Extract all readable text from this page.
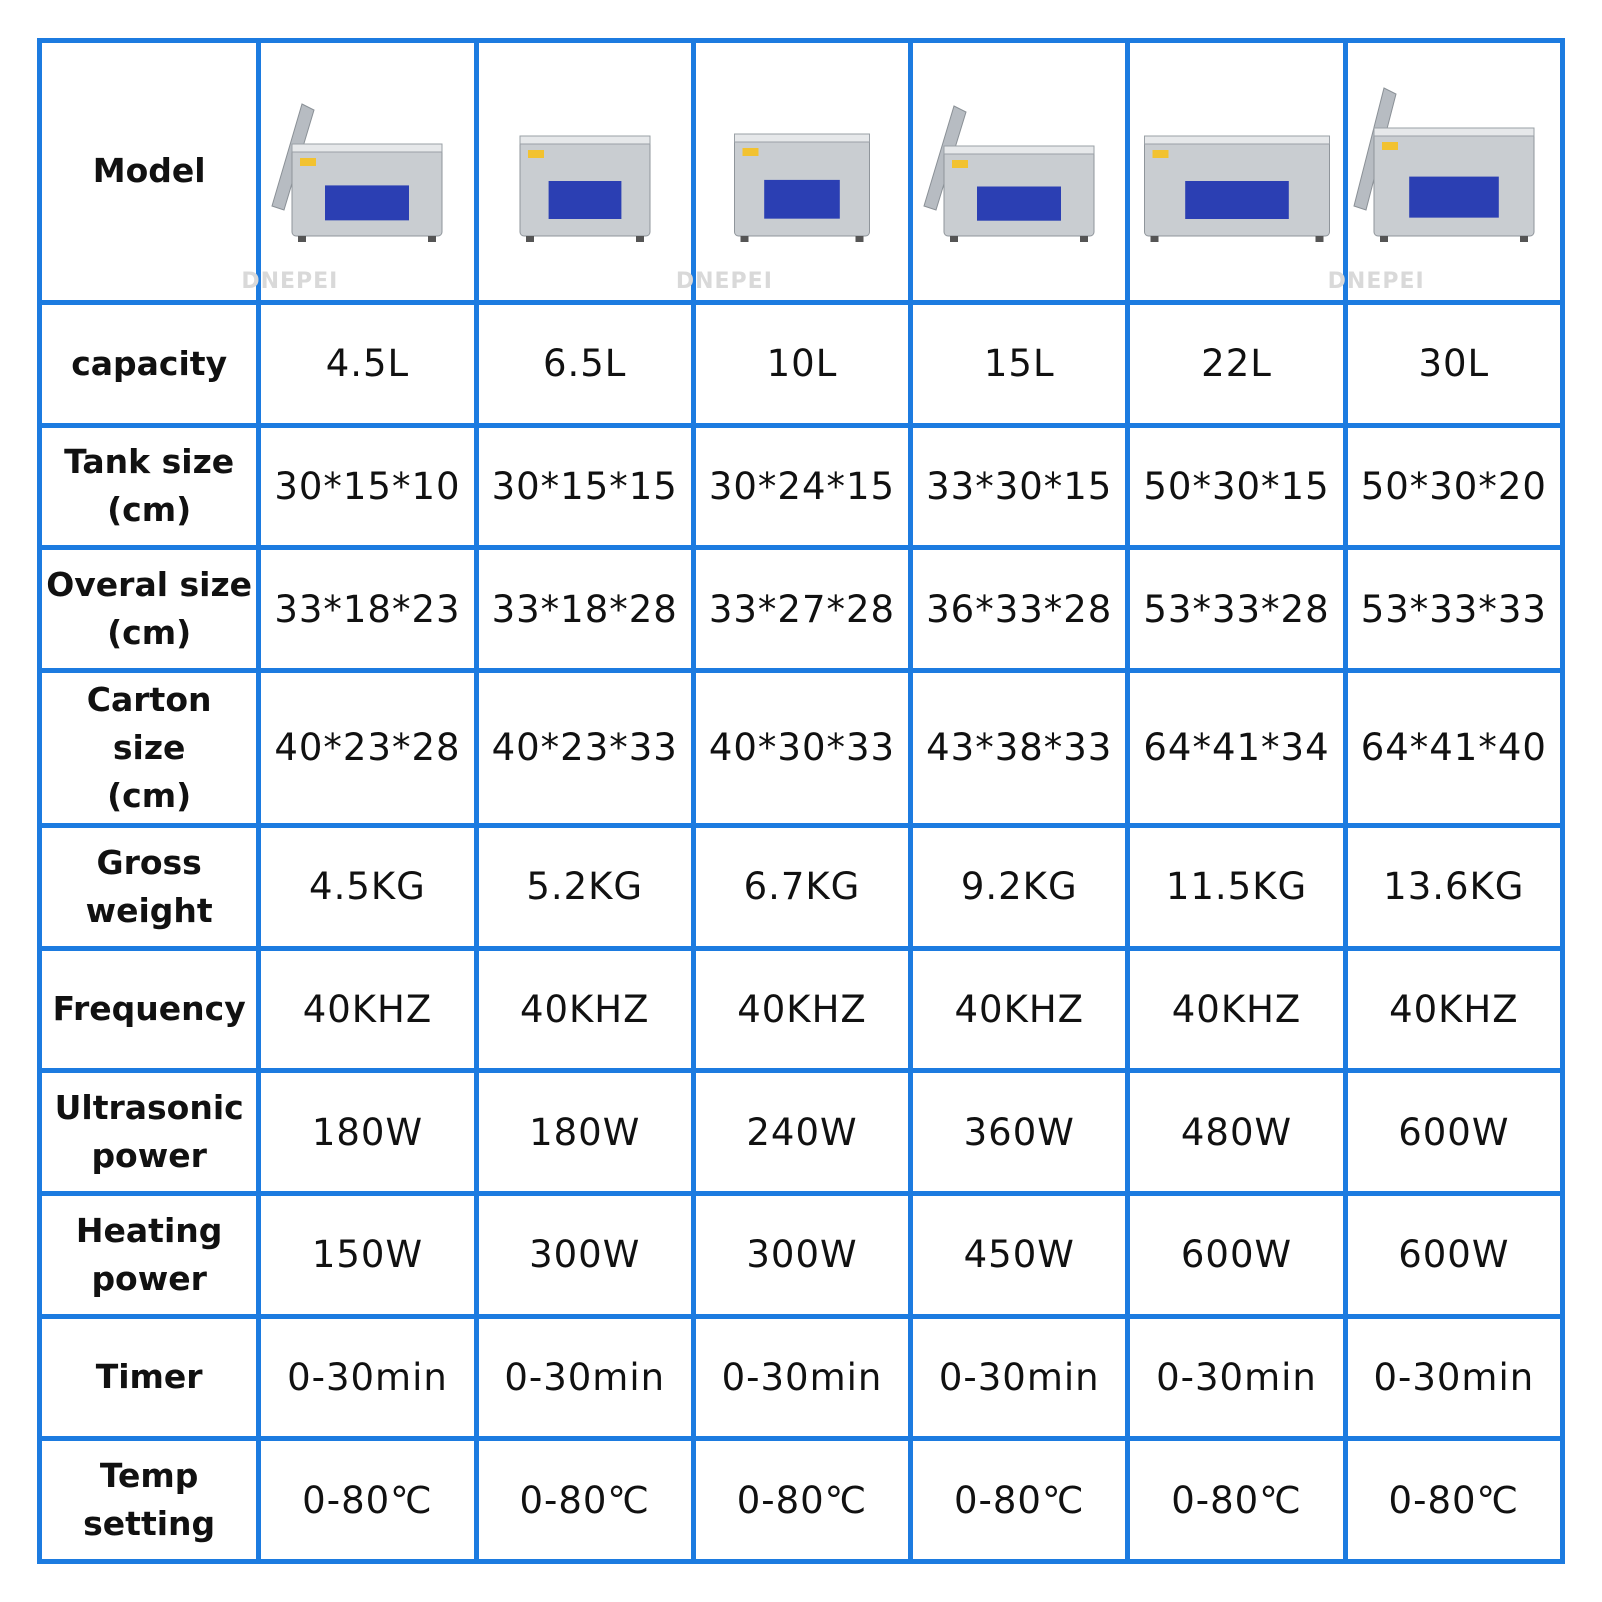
Model	DNEPEI		DNEPEI			DNEPEI

capacity	4.5L	6.5L	10L	15L	22L	30L

Tank size
(cm)	30*15*10	30*15*15	30*24*15	33*30*15	50*30*15	50*30*20

Overal size
(cm)	33*18*23	33*18*28	33*27*28	36*33*28	53*33*28	53*33*33

Carton size
(cm)	40*23*28	40*23*33	40*30*33	43*38*33	64*41*34	64*41*40

Gross
weight	4.5KG	5.2KG	6.7KG	9.2KG	11.5KG	13.6KG

Frequency	40KHZ	40KHZ	40KHZ	40KHZ	40KHZ	40KHZ

Ultrasonic
power	180W	180W	240W	360W	480W	600W

Heating
power	150W	300W	300W	450W	600W	600W

Timer	0-30min	0-30min	0-30min	0-30min	0-30min	0-30min

Temp
setting	0-80℃	0-80℃	0-80℃	0-80℃	0-80℃	0-80℃
